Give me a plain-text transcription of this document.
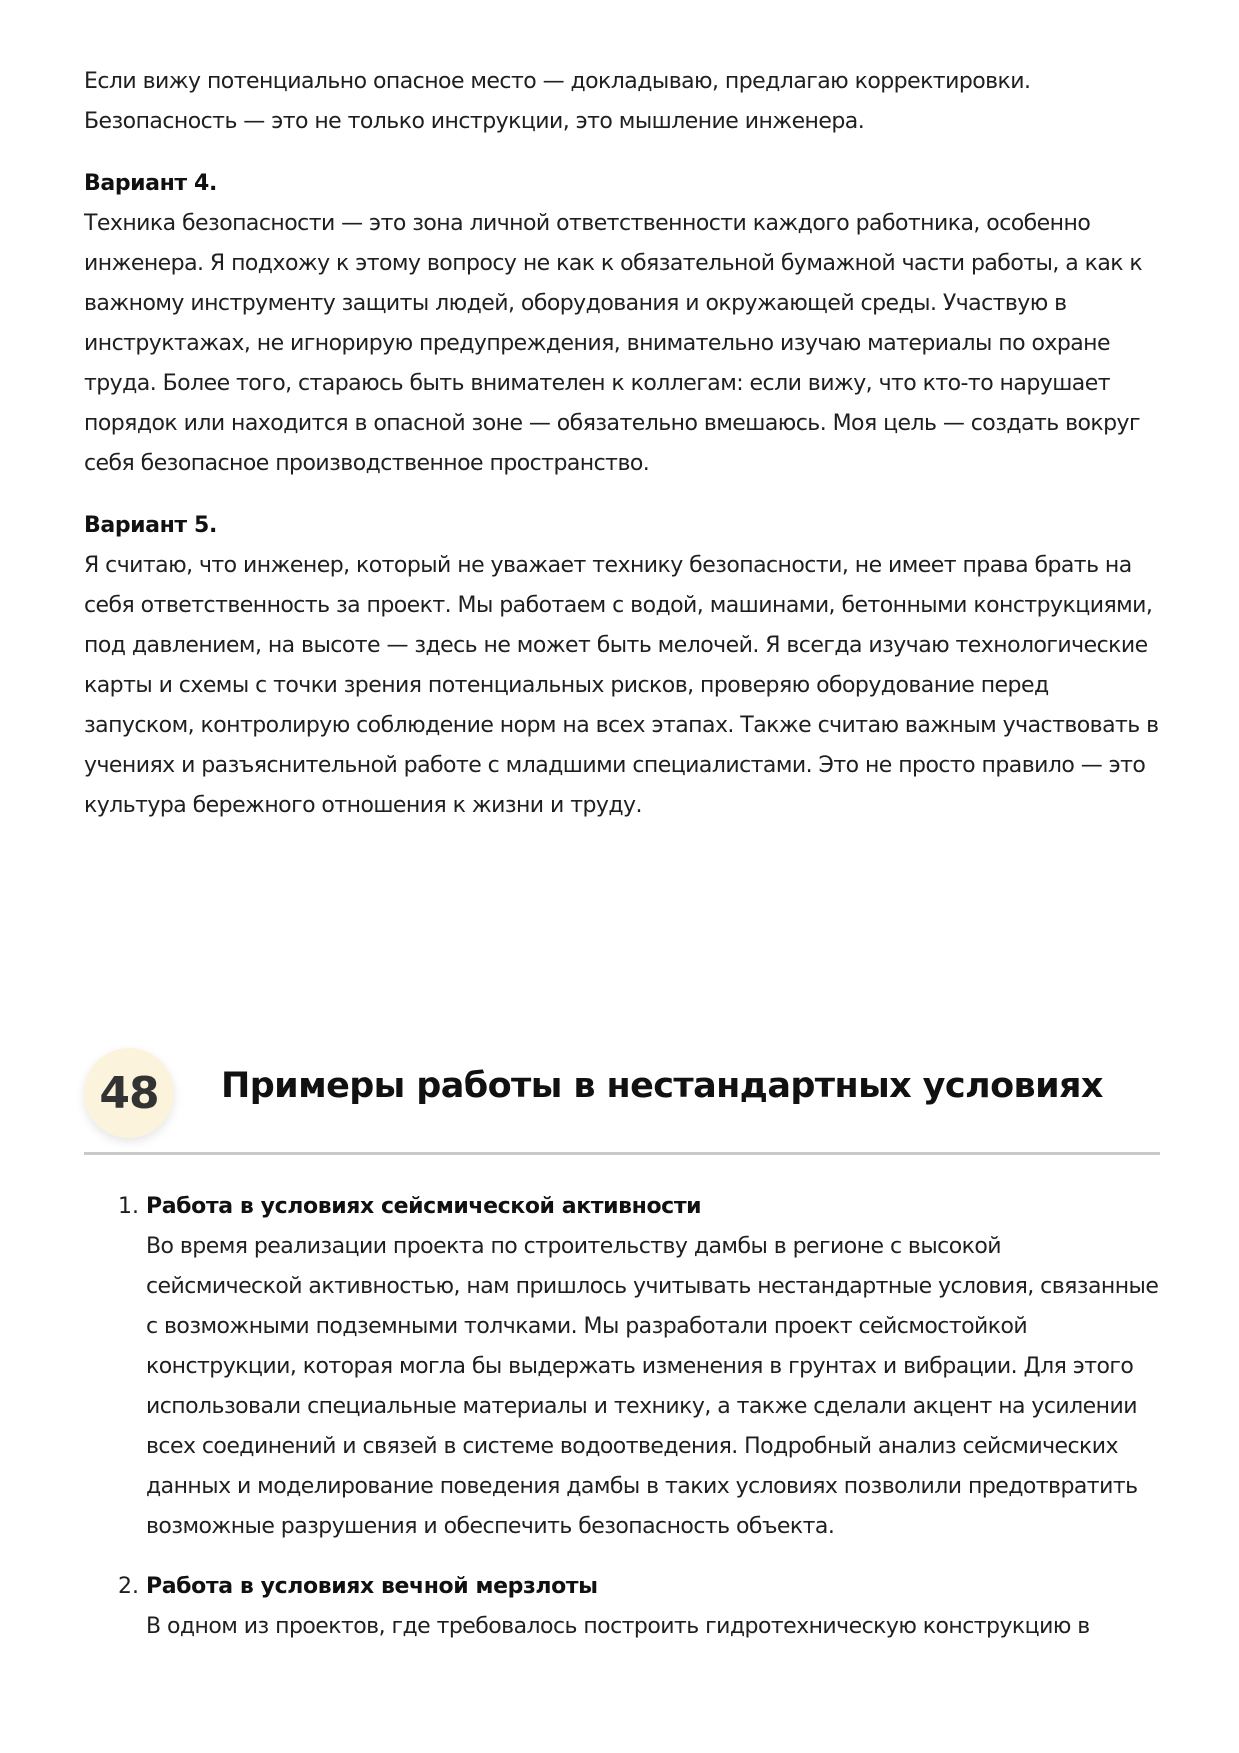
Если вижу потенциально опасное место — докладываю, предлагаю корректировки. Безопасность — это не только инструкции, это мышление инженера.

Вариант 4.

Техника безопасности — это зона личной ответственности каждого работника, особенно инженера. Я подхожу к этому вопросу не как к обязательной бумажной части работы, а как к важному инструменту защиты людей, оборудования и окружающей среды. Участвую в инструктажах, не игнорирую предупреждения, внимательно изучаю материалы по охране труда. Более того, стараюсь быть внимателен к коллегам: если вижу, что кто-то нарушает порядок или находится в опасной зоне — обязательно вмешаюсь. Моя цель — создать вокруг себя безопасное производственное пространство.

Вариант 5.

Я считаю, что инженер, который не уважает технику безопасности, не имеет права брать на себя ответственность за проект. Мы работаем с водой, машинами, бетонными конструкциями, под давлением, на высоте — здесь не может быть мелочей. Я всегда изучаю технологические карты и схемы с точки зрения потенциальных рисков, проверяю оборудование перед запуском, контролирую соблюдение норм на всех этапах. Также считаю важным участвовать в учениях и разъяснительной работе с младшими специалистами. Это не просто правило — это культура бережного отношения к жизни и труду.

48	Примеры работы в нестандартных условиях
1. Работа в условиях сейсмической активности

Во время реализации проекта по строительству дамбы в регионе с высокой сейсмической активностью, нам пришлось учитывать нестандартные условия, связанные с возможными подземными толчками. Мы разработали проект сейсмостойкой конструкции, которая могла бы выдержать изменения в грунтах и вибрации. Для этого использовали специальные материалы и технику, а также сделали акцент на усилении всех соединений и связей в системе водоотведения. Подробный анализ сейсмических данных и моделирование поведения дамбы в таких условиях позволили предотвратить возможные разрушения и обеспечить безопасность объекта.

2. Работа в условиях вечной мерзлоты

В одном из проектов, где требовалось построить гидротехническую конструкцию в
